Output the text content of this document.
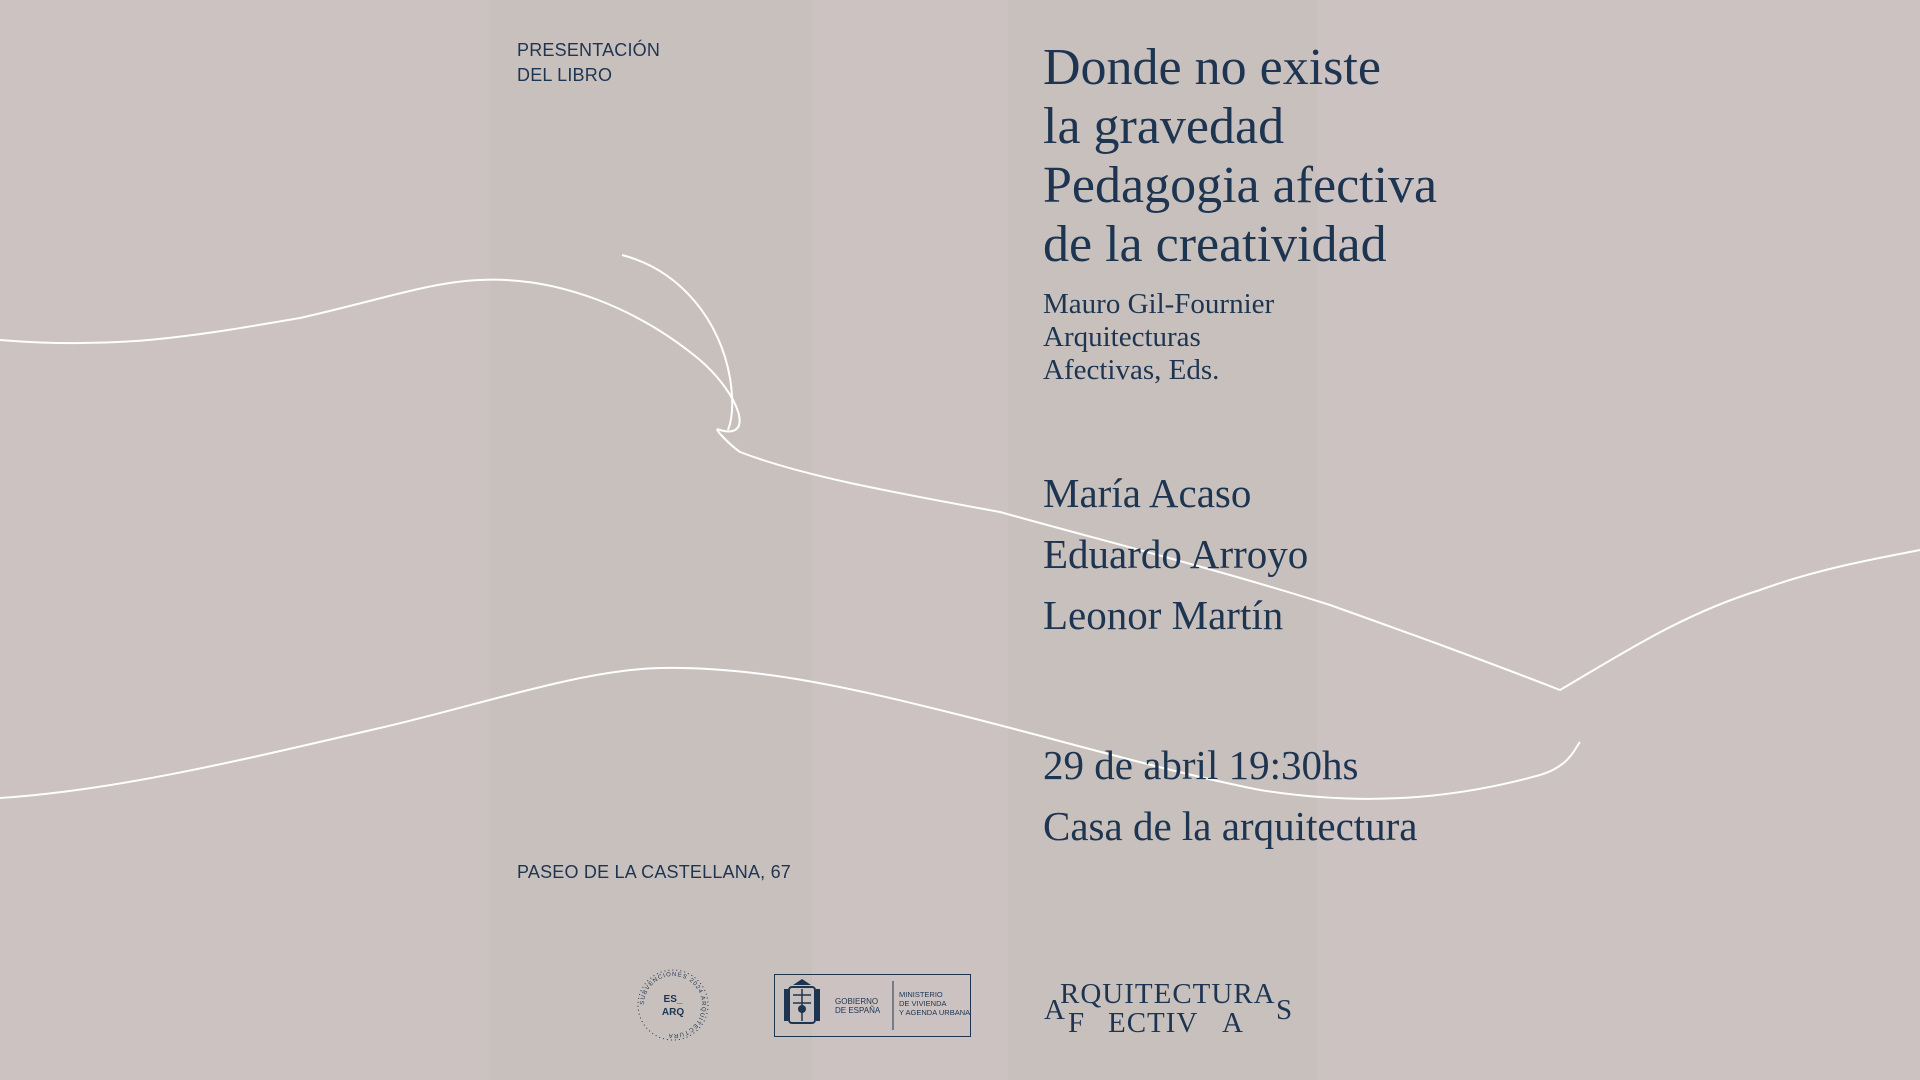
PRESENTACIÓN
DEL LIBRO
PASEO DE LA CASTELLANA, 67
Donde no existe
la gravedad
Pedagogia afectiva
de la creatividad
Mauro Gil-Fournier
Arquitecturas
Afectivas, Eds.
María Acaso
Eduardo Arroyo
Leonor Martín
29 de abril 19:30hs
Casa de la arquitectura
SUBVENCIONES 2024 ARQUITECTURA
ES_
ARQ
GOBIERNO
DE ESPAÑA
MINISTERIO
DE VIVIENDA
Y AGENDA URBANA	A
RQUITECTURA S
F ECTIV A
